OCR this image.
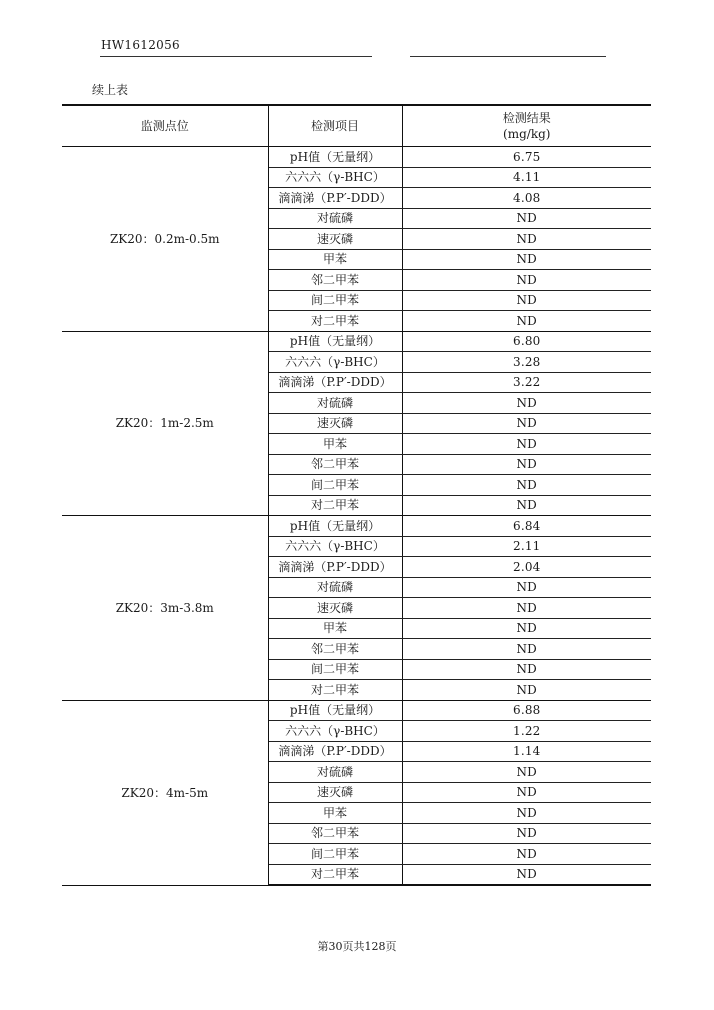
HW1612056
续上表
监测点位	检测项目	检测结果
(mg/kg)

ZK20：0.2m-0.5m	pH值（无量纲）	6.75
	六六六（γ-BHC）	4.11
	滴滴涕（P.P′-DDD）	4.08
	对硫磷	ND
	速灭磷	ND
	甲苯	ND
	邻二甲苯	ND
	间二甲苯	ND
	对二甲苯	ND
ZK20：1m-2.5m	pH值（无量纲）	6.80
	六六六（γ-BHC）	3.28
	滴滴涕（P.P′-DDD）	3.22
	对硫磷	ND
	速灭磷	ND
	甲苯	ND
	邻二甲苯	ND
	间二甲苯	ND
	对二甲苯	ND
ZK20：3m-3.8m	pH值（无量纲）	6.84
	六六六（γ-BHC）	2.11
	滴滴涕（P.P′-DDD）	2.04
	对硫磷	ND
	速灭磷	ND
	甲苯	ND
	邻二甲苯	ND
	间二甲苯	ND
	对二甲苯	ND
ZK20：4m-5m	pH值（无量纲）	6.88
	六六六（γ-BHC）	1.22
	滴滴涕（P.P′-DDD）	1.14
	对硫磷	ND
	速灭磷	ND
	甲苯	ND
	邻二甲苯	ND
	间二甲苯	ND
	对二甲苯	ND
第30页共128页
